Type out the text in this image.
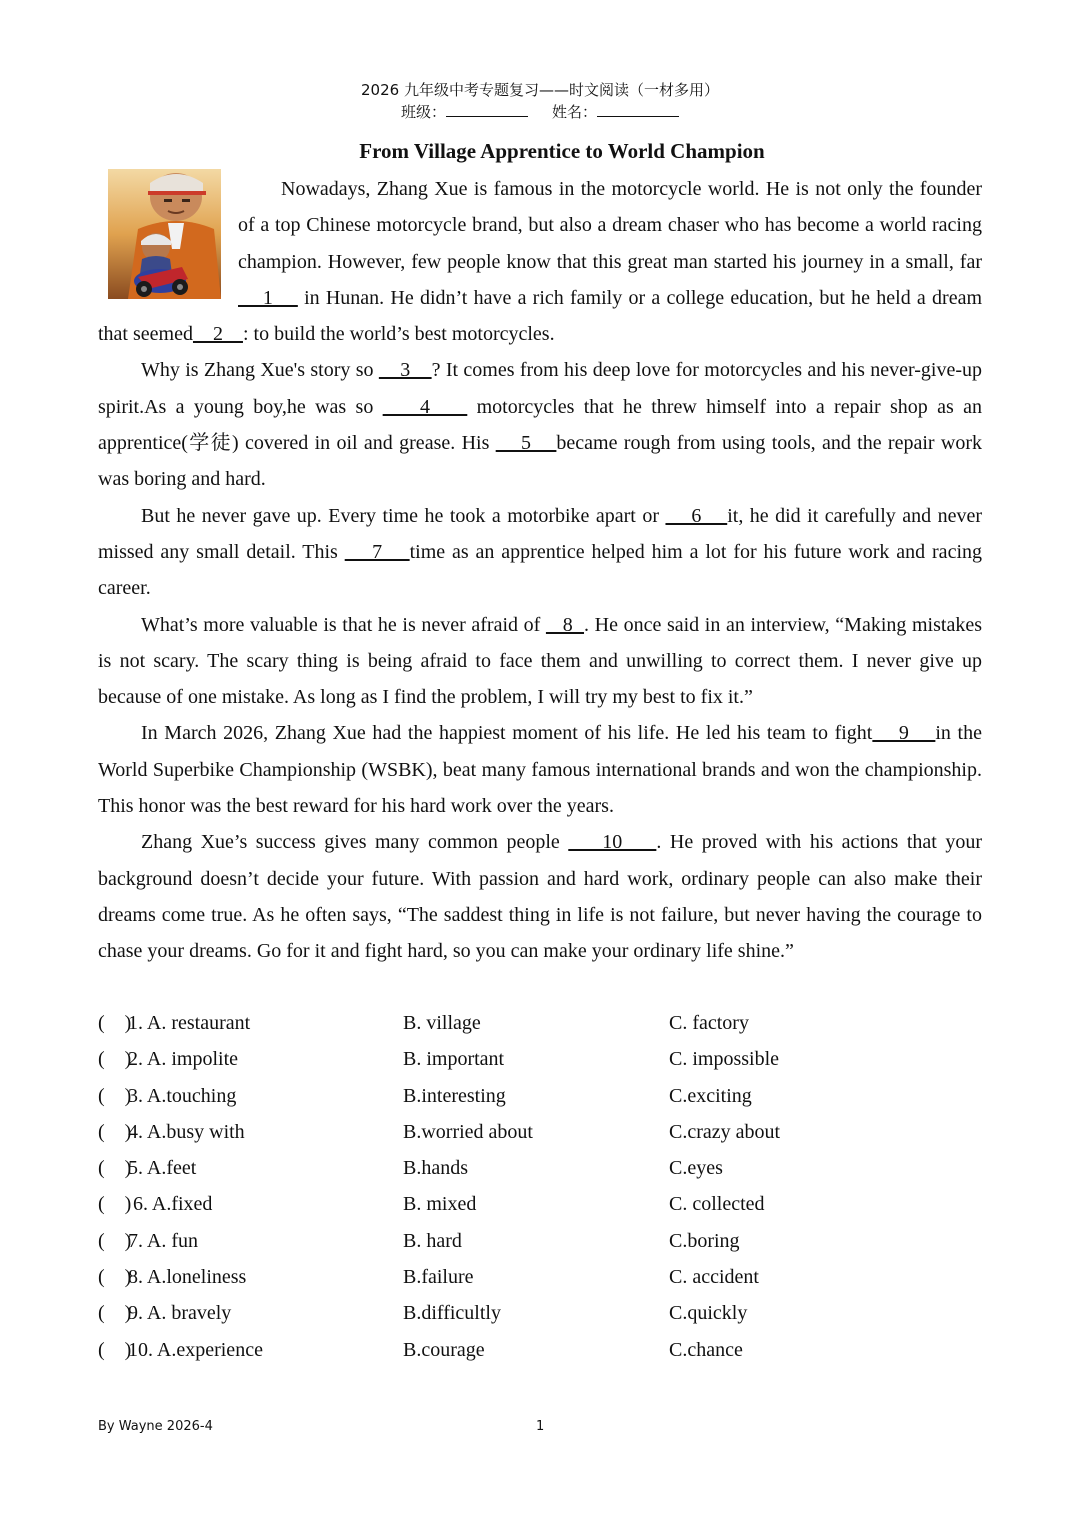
2026 九年级中考专题复习——时文阅读（一材多用）
班级：	姓名：
From Village Apprentice to World Champion

Nowadays, Zhang Xue is famous in the motorcycle world. He is not only the founder of a top Chinese motorcycle brand, but also a dream chaser who has become a world racing champion. However, few people know that this great man started his journey in a small, far    1     in Hunan. He didn’t have a rich family or a college education, but he held a dream that seemed    2    : to build the world’s best motorcycles.

Why is Zhang Xue's story so     3    ? It comes from his deep love for motorcycles and his never-give-up spirit.As a young boy,he was so     4     motorcycles that he threw himself into a repair shop as an apprentice(学徒) covered in oil and grease. His     5    became rough from using tools, and the repair work was boring and hard.

But he never gave up. Every time he took a motorbike apart or     6    it, he did it carefully and never missed any small detail. This     7    time as an apprentice helped him a lot for his future work and racing career.

What’s more valuable is that he is never afraid of    8  . He once said in an interview, “Making mistakes is not scary. The scary thing is being afraid to face them and unwilling to correct them. I never give up because of one mistake. As long as I find the problem, I will try my best to fix it.”

In March 2026, Zhang Xue had the happiest moment of his life. He led his team to fight    9    in the World Superbike Championship (WSBK), beat many famous international brands and won the championship. This honor was the best reward for his hard work over the years.

Zhang Xue’s success gives many common people     10    . He proved with his actions that your background doesn’t decide your future. With passion and hard work, ordinary people can also make their dreams come true. As he often says, “The saddest thing in life is not failure, but never having the courage to chase your dreams. Go for it and fight hard, so you can make your ordinary life shine.”

(    )
1. A. restaurant	B. village	C. factory
(    )
2. A. impolite	B. important	C. impossible
(    )
3. A.touching	B.interesting	C.exciting
(    )
4. A.busy with	B.worried about	C.crazy about
(    )
5. A.feet	B.hands	C.eyes
(    )
6. A.fixed	B. mixed	C. collected
(    )
7. A. fun	B. hard	C.boring
(    )
8. A.loneliness	B.failure	C. accident
(    )
9. A. bravely	B.difficultly	C.quickly
(    )
10. A.experience	B.courage	C.chance
By Wayne 2026-4	1
